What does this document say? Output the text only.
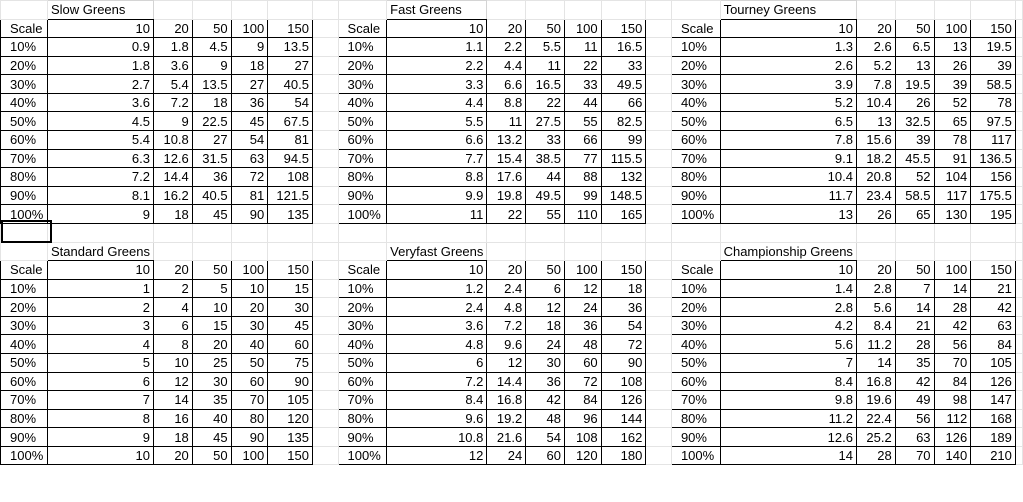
	Slow Greens							Fast Greens							Tourney Greens					
Scale	10	20	50	100	150		Scale	10	20	50	100	150		Scale	10	20	50	100	150	
10%	0.9	1.8	4.5	9	13.5		10%	1.1	2.2	5.5	11	16.5		10%	1.3	2.6	6.5	13	19.5	
20%	1.8	3.6	9	18	27		20%	2.2	4.4	11	22	33		20%	2.6	5.2	13	26	39	
30%	2.7	5.4	13.5	27	40.5		30%	3.3	6.6	16.5	33	49.5		30%	3.9	7.8	19.5	39	58.5	
40%	3.6	7.2	18	36	54		40%	4.4	8.8	22	44	66		40%	5.2	10.4	26	52	78	
50%	4.5	9	22.5	45	67.5		50%	5.5	11	27.5	55	82.5		50%	6.5	13	32.5	65	97.5	
60%	5.4	10.8	27	54	81		60%	6.6	13.2	33	66	99		60%	7.8	15.6	39	78	117	
70%	6.3	12.6	31.5	63	94.5		70%	7.7	15.4	38.5	77	115.5		70%	9.1	18.2	45.5	91	136.5	
80%	7.2	14.4	36	72	108		80%	8.8	17.6	44	88	132		80%	10.4	20.8	52	104	156	
90%	8.1	16.2	40.5	81	121.5		90%	9.9	19.8	49.5	99	148.5		90%	11.7	23.4	58.5	117	175.5	
100%	9	18	45	90	135		100%	11	22	55	110	165		100%	13	26	65	130	195	

	Standard Greens							Veryfast Greens							Championship Greens					
Scale	10	20	50	100	150		Scale	10	20	50	100	150		Scale	10	20	50	100	150	
10%	1	2	5	10	15		10%	1.2	2.4	6	12	18		10%	1.4	2.8	7	14	21	
20%	2	4	10	20	30		20%	2.4	4.8	12	24	36		20%	2.8	5.6	14	28	42	
30%	3	6	15	30	45		30%	3.6	7.2	18	36	54		30%	4.2	8.4	21	42	63	
40%	4	8	20	40	60		40%	4.8	9.6	24	48	72		40%	5.6	11.2	28	56	84	
50%	5	10	25	50	75		50%	6	12	30	60	90		50%	7	14	35	70	105	
60%	6	12	30	60	90		60%	7.2	14.4	36	72	108		60%	8.4	16.8	42	84	126	
70%	7	14	35	70	105		70%	8.4	16.8	42	84	126		70%	9.8	19.6	49	98	147	
80%	8	16	40	80	120		80%	9.6	19.2	48	96	144		80%	11.2	22.4	56	112	168	
90%	9	18	45	90	135		90%	10.8	21.6	54	108	162		90%	12.6	25.2	63	126	189	
100%	10	20	50	100	150		100%	12	24	60	120	180		100%	14	28	70	140	210	
